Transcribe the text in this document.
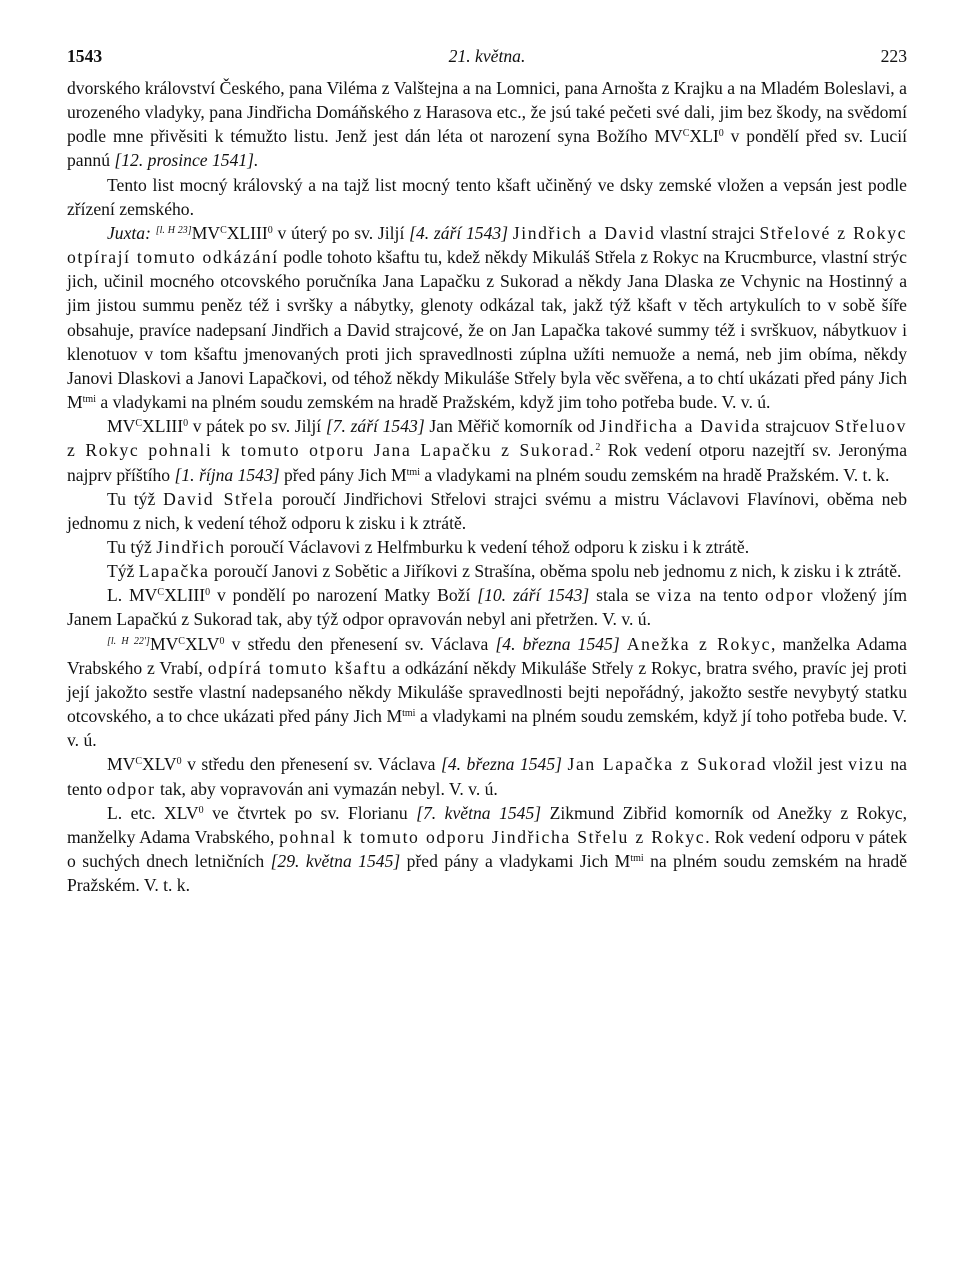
1543	21. května.	223

dvorského království Českého, pana Viléma z Valštejna a na Lomnici, pana Arnošta z Krajku a na Mladém Boleslavi, a urozeného vladyky, pana Jindřicha Domáňského z Harasova etc., že jsú také pečeti své dali, jim bez škody, na svědomí podle mne přivěsiti k témužto listu. Jenž jest dán léta ot narození syna Božího $MV^CXLI^0$ v pondělí před sv. Lucií pannú [12. prosince 1541].

Tento list mocný královský a na tajž list mocný tento kšaft učiněný ve dsky zemské vložen a vepsán jest podle zřízení zemského.

Juxta: $[l. H 23]MV^CXLIII^0$ v úterý po sv. Jiljí [4. září 1543] Jindřich a David vlastní strajci Střelové z Rokyc otpírají tomuto odkázání podle tohoto kšaftu tu, kdež někdy Mikuláš Střela z Rokyc na Krucmburce, vlastní strýc jich, učinil mocného otcovského poručníka Jana Lapačku z Sukorad a někdy Jana Dlaska ze Vchynic na Hostinný a jim jistou summu peněz též i svršky a nábytky, glenoty odkázal tak, jakž týž kšaft v těch artykulích to v sobě šíře obsahuje, pravíce nadepsaní Jindřich a David strajcové, že on Jan Lapačka takové summy též i svrškuov, nábytkuov i klenotuov v tom kšaftu jmenovaných proti jich spravedlnosti zúplna užíti nemuože a nemá, neb jim obíma, někdy Janovi Dlaskovi a Janovi Lapačkovi, od téhož někdy Mikuláše Střely byla věc svěřena, a to chtí ukázati před pány Jich $M^{tmi}$ a vladykami na plném soudu zemském na hradě Pražském, když jim toho potřeba bude. V. v. ú.

$MV^CXLIII^0$ v pátek po sv. Jiljí [7. září 1543] Jan Měřič komorník od Jindřicha a Davida strajcuov Střeluov z Rokyc pohnali k tomuto otporu Jana Lapačku z Sukorad.$^2$ Rok vedení otporu nazejtří sv. Jeronýma najprv příštího [1. října 1543] před pány Jich $M^{tmi}$ a vladykami na plném soudu zemském na hradě Pražském. V. t. k.

Tu týž David Střela poroučí Jindřichovi Střelovi strajci svému a mistru Václavovi Flavínovi, oběma neb jednomu z nich, k vedení téhož odporu k zisku i k ztrátě.

Tu týž Jindřich poroučí Václavovi z Helfmburku k vedení téhož odporu k zisku i k ztrátě.

Týž Lapačka poroučí Janovi z Sobětic a Jiříkovi z Strašína, oběma spolu neb jednomu z nich, k zisku i k ztrátě.

L. $MV^CXLIII^0$ v pondělí po narození Matky Boží [10. září 1543] stala se viza na tento odpor vložený jím Janem Lapačkú z Sukorad tak, aby týž odpor opravován nebyl ani přetržen. V. v. ú.

$[l. H 22']MV^CXLV^0$ v středu den přenesení sv. Václava [4. března 1545] Anežka z Rokyc, manželka Adama Vrabského z Vrabí, odpírá tomuto kšaftu a odkázání někdy Mikuláše Střely z Rokyc, bratra svého, pravíc jej proti její jakožto sestře vlastní nadepsaného někdy Mikuláše spravedlnosti bejti nepořádný, jakožto sestře nevybytý statku otcovského, a to chce ukázati před pány Jich $M^{tmi}$ a vladykami na plném soudu zemském, když jí toho potřeba bude. V. v. ú.

$MV^CXLV^0$ v středu den přenesení sv. Václava [4. března 1545] Jan Lapačka z Sukorad vložil jest vizu na tento odpor tak, aby vopravován ani vymazán nebyl. V. v. ú.

L. etc. XLV$^0$ ve čtvrtek po sv. Florianu [7. května 1545] Zikmund Zibřid komorník od Anežky z Rokyc, manželky Adama Vrabského, pohnal k tomuto odporu Jindřicha Střelu z Rokyc. Rok vedení odporu v pátek o suchých dnech letničních [29. května 1545] před pány a vladykami Jich $M^{tmi}$ na plném soudu zemském na hradě Pražském. V. t. k.
